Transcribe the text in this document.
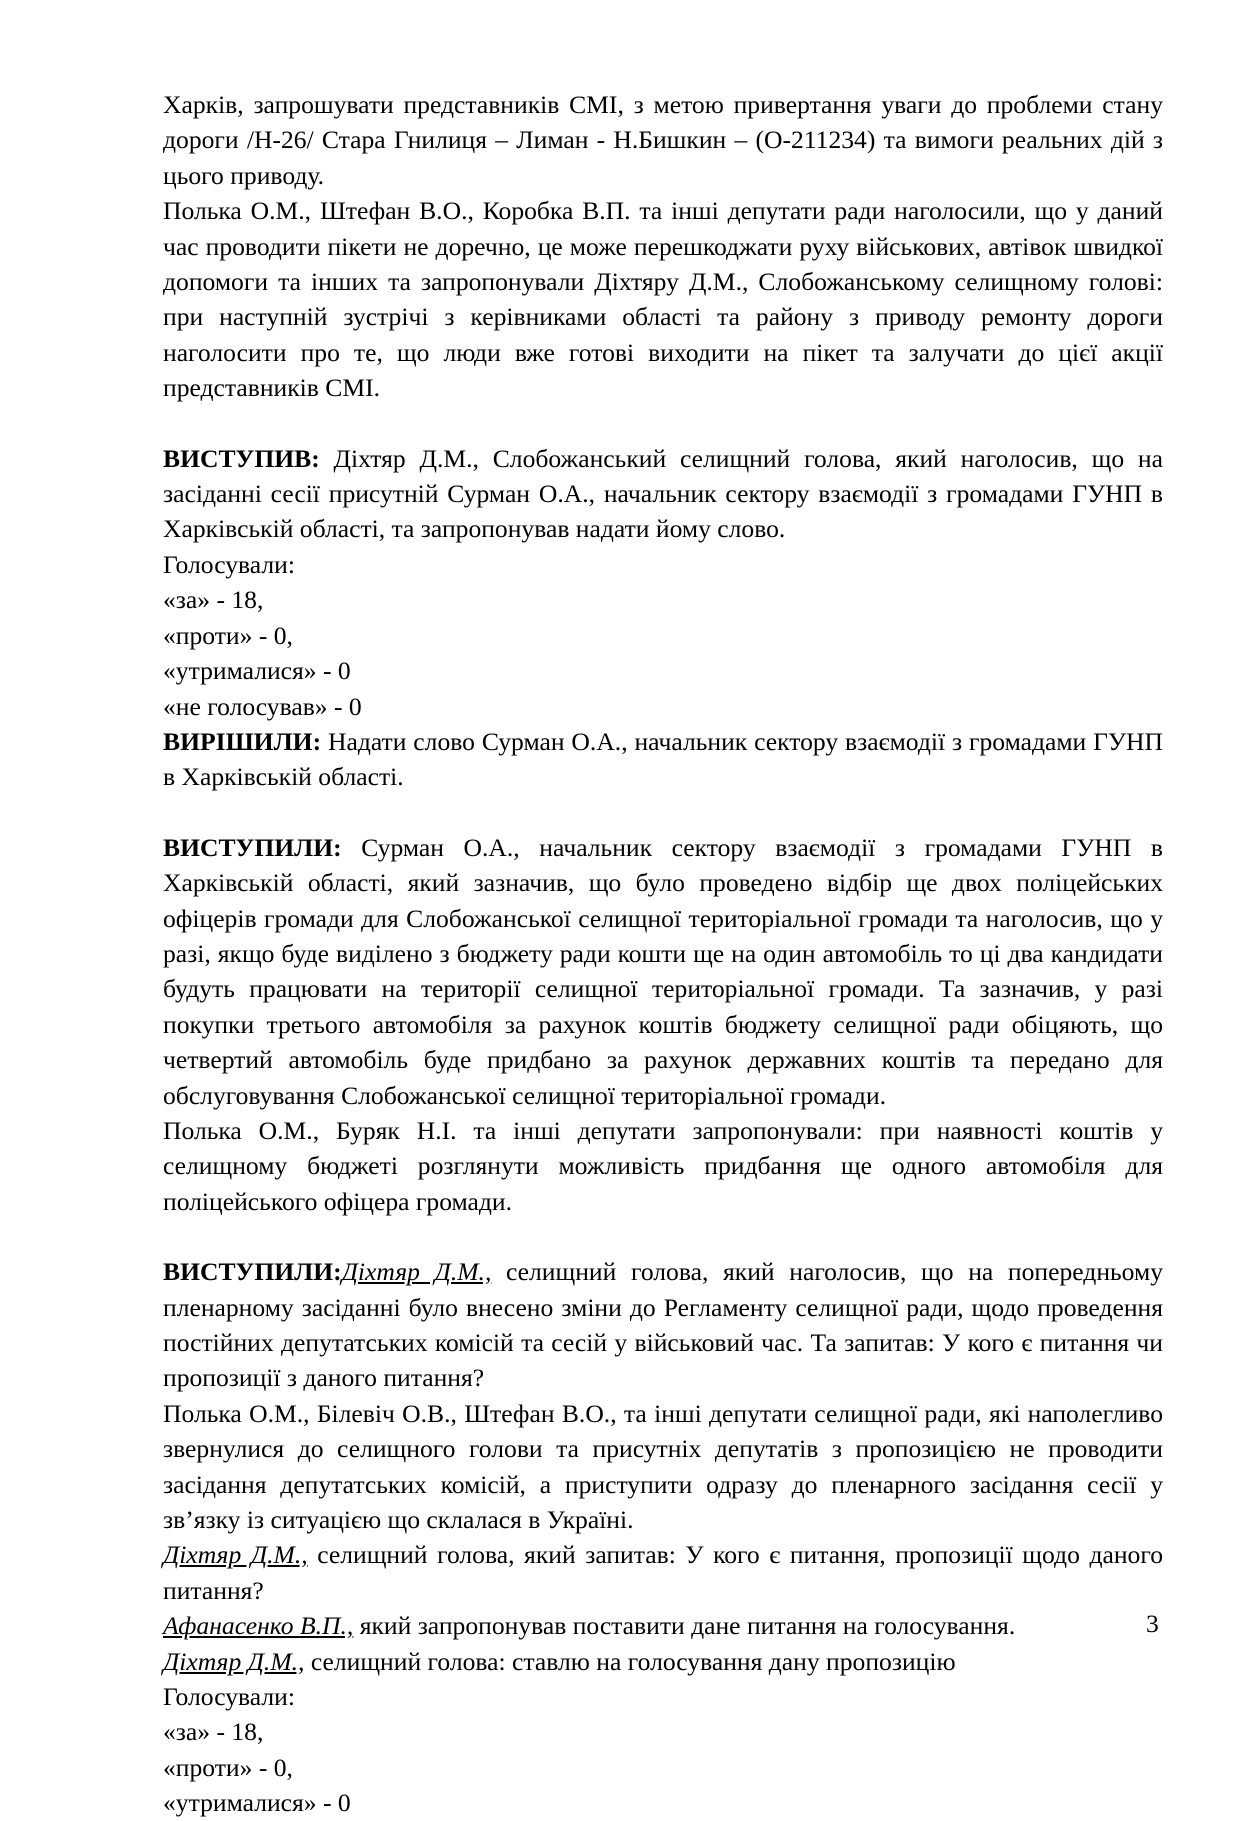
Харків, запрошувати представників СМІ, з метою привертання уваги до проблеми стану дороги /Н-26/ Стара Гнилиця – Лиман - Н.Бишкин – (О-211234) та вимоги реальних дій з цього приводу.

Полька О.М., Штефан В.О., Коробка В.П. та інші депутати ради наголосили, що у даний час проводити пікети не доречно, це може перешкоджати руху військових, автівок швидкої допомоги та інших та запропонували Діхтяру Д.М., Слобожанському селищному голові: при наступній зустрічі з керівниками області та району з приводу ремонту дороги наголосити про те, що люди вже готові виходити на пікет та залучати до цієї акції представників СМІ.

ВИСТУПИВ: Діхтяр Д.М., Слобожанський селищний голова, який наголосив, що на засіданні сесії присутній Сурман О.А., начальник сектору взаємодії з громадами ГУНП в Харківській області, та запропонував надати йому слово.

Голосували:
«за» - 18,
«проти» - 0,
«утрималися» - 0
«не голосував» - 0

ВИРІШИЛИ: Надати слово Сурман О.А., начальник сектору взаємодії з громадами ГУНП в Харківській області.

ВИСТУПИЛИ: Сурман О.А., начальник сектору взаємодії з громадами ГУНП в Харківській області, який зазначив, що було проведено відбір ще двох поліцейських офіцерів громади для Слобожанської селищної територіальної громади та наголосив, що у разі, якщо буде виділено з бюджету ради кошти ще на один автомобіль то ці два кандидати будуть працювати на території селищної територіальної громади. Та зазначив, у разі покупки третього автомобіля за рахунок коштів бюджету селищної ради обіцяють, що четвертий автомобіль буде придбано за рахунок державних коштів та передано для обслуговування Слобожанської селищної територіальної громади.

Полька О.М., Буряк Н.І. та інші депутати запропонували: при наявності коштів у селищному бюджеті розглянути можливість придбання ще одного автомобіля для поліцейського офіцера громади.

ВИСТУПИЛИ:Діхтяр Д.М., селищний голова, який наголосив, що на попередньому пленарному засіданні було внесено зміни до Регламенту селищної ради, щодо проведення постійних депутатських комісій та сесій у військовий час. Та запитав: У кого є питання чи пропозиції з даного питання?

Полька О.М., Білевіч О.В., Штефан В.О., та інші депутати селищної ради, які наполегливо звернулися до селищного голови та присутніх депутатів з пропозицією не проводити засідання депутатських комісій, а приступити одразу до пленарного засідання сесії у зв’язку із ситуацією що склалася в Україні.

Діхтяр Д.М., селищний голова, який запитав: У кого є питання, пропозиції щодо даного питання?

Афанасенко В.П., який запропонував поставити дане питання на голосування.

Діхтяр Д.М., селищний голова: ставлю на голосування дану пропозицію

Голосували:
«за» - 18,
«проти» - 0,
«утрималися» - 0
3
